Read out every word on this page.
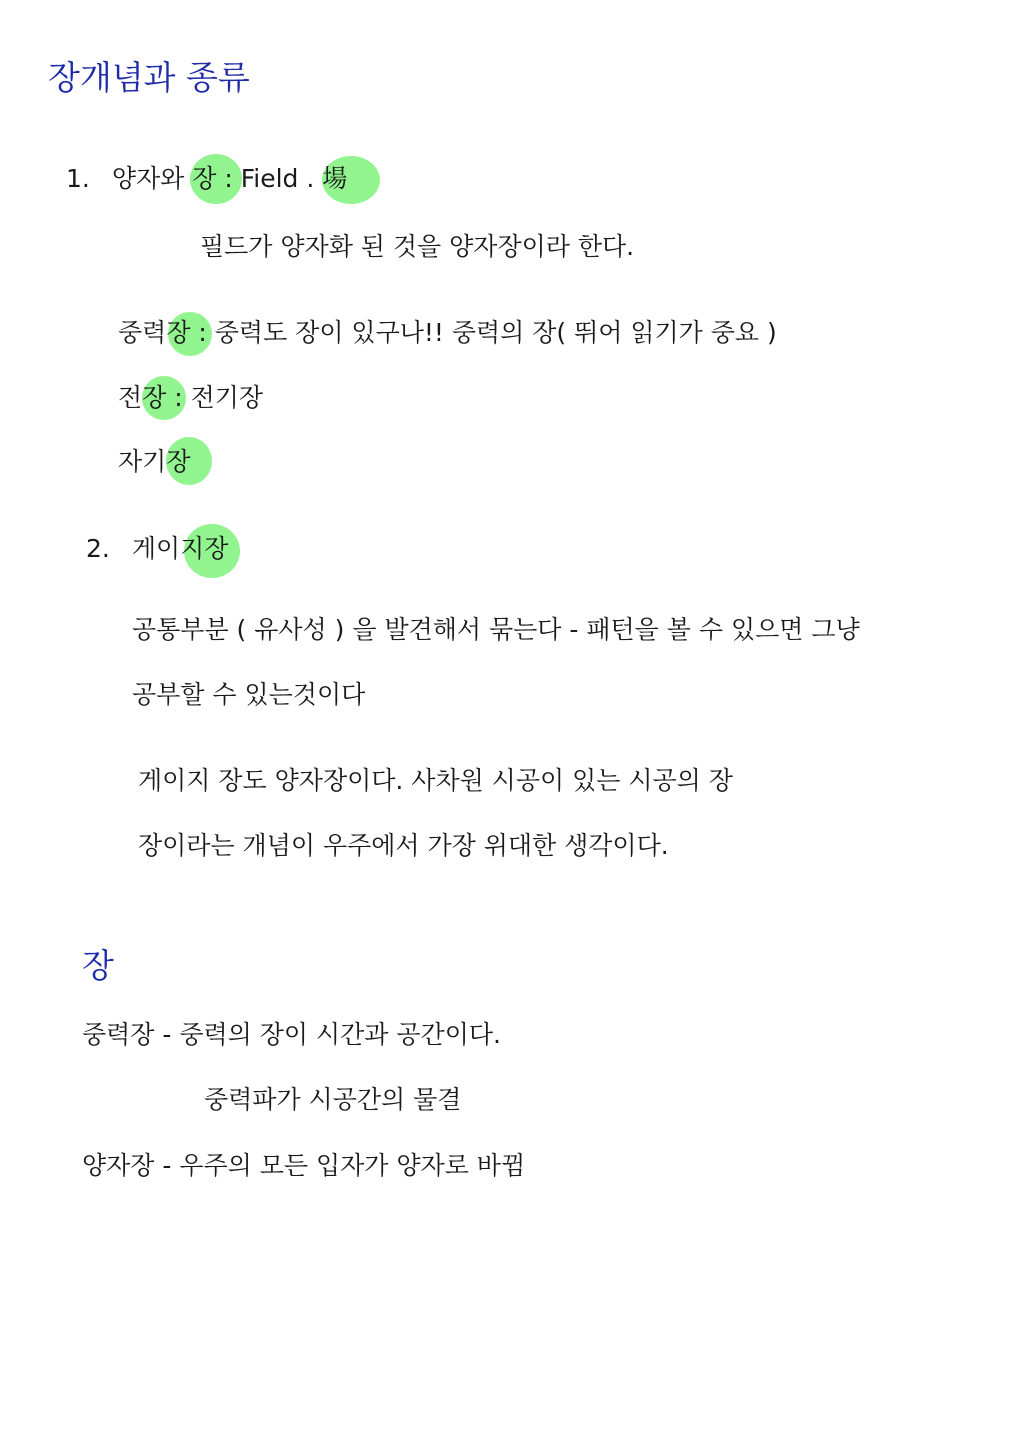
장개념과 종류
1. 양자와 장 : Field . 場
필드가 양자화 된 것을 양자장이라 한다.
중력장 : 중력도 장이 있구나!! 중력의 장( 뛰어 읽기가 중요 )
전장 : 전기장
자기장
2. 게이지장
공통부분 ( 유사성 ) 을 발견해서 묶는다 - 패턴을 볼 수 있으면 그냥
공부할 수 있는것이다
게이지 장도 양자장이다. 사차원 시공이 있는 시공의 장
장이라는 개념이 우주에서 가장 위대한 생각이다.
장
중력장 - 중력의 장이 시간과 공간이다.
중력파가 시공간의 물결
양자장 - 우주의 모든 입자가 양자로 바뀜
